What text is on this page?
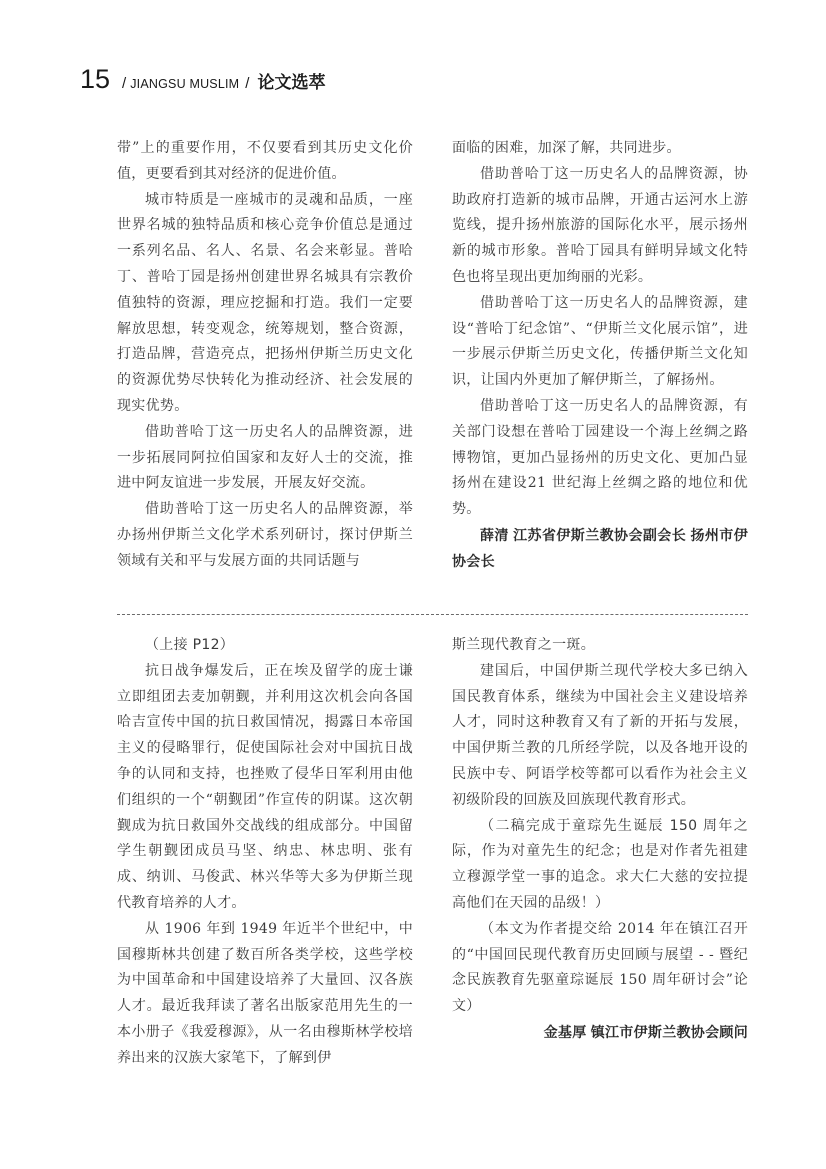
15 / JIANGSU MUSLIM / 论文选萃

带”上的重要作用，不仅要看到其历史文化价值，更要看到其对经济的促进价值。

城市特质是一座城市的灵魂和品质，一座世界名城的独特品质和核心竞争价值总是通过一系列名品、名人、名景、名会来彰显。普哈丁、普哈丁园是扬州创建世界名城具有宗教价值独特的资源，理应挖掘和打造。我们一定要解放思想，转变观念，统筹规划，整合资源，打造品牌，营造亮点，把扬州伊斯兰历史文化的资源优势尽快转化为推动经济、社会发展的现实优势。

借助普哈丁这一历史名人的品牌资源，进一步拓展同阿拉伯国家和友好人士的交流，推进中阿友谊进一步发展，开展友好交流。

借助普哈丁这一历史名人的品牌资源，举办扬州伊斯兰文化学术系列研讨，探讨伊斯兰领域有关和平与发展方面的共同话题与

面临的困难，加深了解，共同进步。

借助普哈丁这一历史名人的品牌资源，协助政府打造新的城市品牌，开通古运河水上游览线，提升扬州旅游的国际化水平，展示扬州新的城市形象。普哈丁园具有鲜明异域文化特色也将呈现出更加绚丽的光彩。

借助普哈丁这一历史名人的品牌资源，建设“普哈丁纪念馆”、“伊斯兰文化展示馆”，进一步展示伊斯兰历史文化，传播伊斯兰文化知识，让国内外更加了解伊斯兰，了解扬州。

借助普哈丁这一历史名人的品牌资源，有关部门设想在普哈丁园建设一个海上丝绸之路博物馆，更加凸显扬州的历史文化、更加凸显扬州在建设21 世纪海上丝绸之路的地位和优势。

薛清 江苏省伊斯兰教协会副会长 扬州市伊协会长

（上接 P12）

抗日战争爆发后，正在埃及留学的庞士谦立即组团去麦加朝觐，并利用这次机会向各国哈吉宣传中国的抗日救国情况，揭露日本帝国主义的侵略罪行，促使国际社会对中国抗日战争的认同和支持，也挫败了侵华日军利用由他们组织的一个“朝觐团”作宣传的阴谋。这次朝觐成为抗日救国外交战线的组成部分。中国留学生朝觐团成员马坚、纳忠、林忠明、张有成、纳训、马俊武、林兴华等大多为伊斯兰现代教育培养的人才。

从 1906 年到 1949 年近半个世纪中，中国穆斯林共创建了数百所各类学校，这些学校为中国革命和中国建设培养了大量回、汉各族人才。最近我拜读了著名出版家范用先生的一本小册子《我爱穆源》，从一名由穆斯林学校培养出来的汉族大家笔下，了解到伊

斯兰现代教育之一斑。

建国后，中国伊斯兰现代学校大多已纳入国民教育体系，继续为中国社会主义建设培养人才，同时这种教育又有了新的开拓与发展，中国伊斯兰教的几所经学院，以及各地开设的民族中专、阿语学校等都可以看作为社会主义初级阶段的回族及回族现代教育形式。

（二稿完成于童琮先生诞辰 150 周年之际，作为对童先生的纪念；也是对作者先祖建立穆源学堂一事的追念。求大仁大慈的安拉提高他们在天园的品级！）

（本文为作者提交给 2014 年在镇江召开的“中国回民现代教育历史回顾与展望 - - 暨纪念民族教育先驱童琮诞辰 150 周年研讨会”论文）

金基厚 镇江市伊斯兰教协会顾问
